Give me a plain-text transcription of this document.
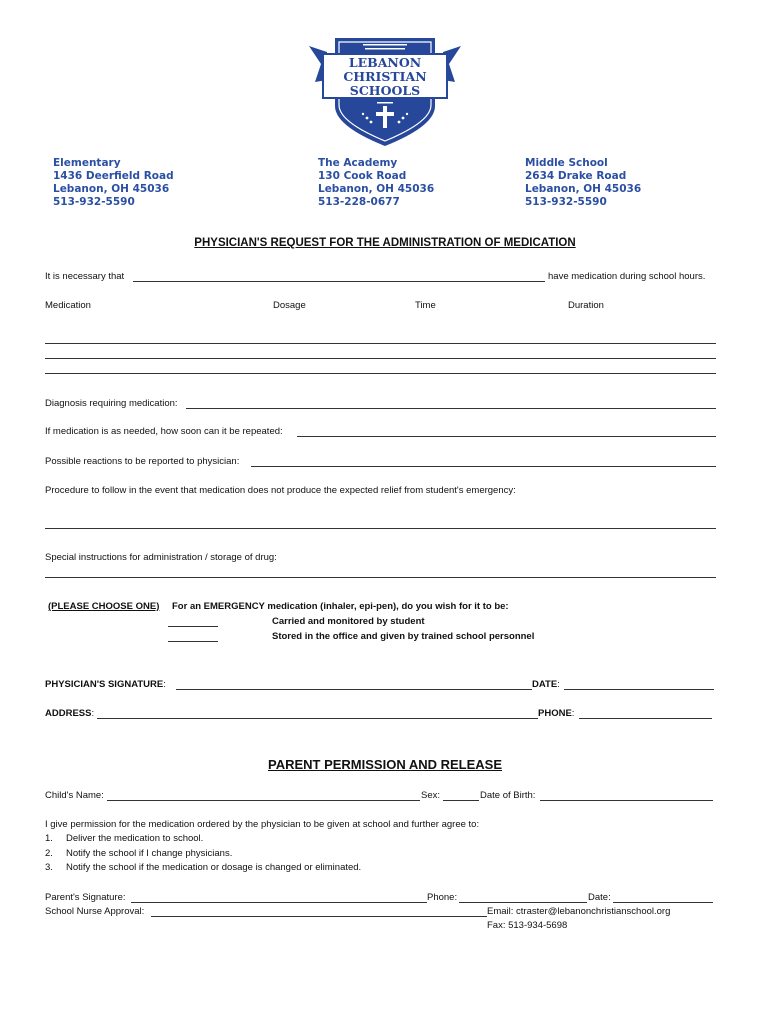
LEBANON
CHRISTIAN
SCHOOLS
Elementary
1436 Deerfield Road
Lebanon, OH 45036
513-932-5590
The Academy
130 Cook Road
Lebanon, OH 45036
513-228-0677
Middle School
2634 Drake Road
Lebanon, OH 45036
513-932-5590
PHYSICIAN'S REQUEST FOR THE ADMINISTRATION OF MEDICATION
It is necessary that	have medication during school hours.
Medication	Dosage	Time	Duration
Diagnosis requiring medication:
If medication is as needed, how soon can it be repeated:
Possible reactions to be reported to physician:
Procedure to follow in the event that medication does not produce the expected relief from student's emergency:
Special instructions for administration / storage of drug:
(PLEASE CHOOSE ONE) For an EMERGENCY medication (inhaler, epi-pen), do you wish for it to be:
Carried and monitored by student
Stored in the office and given by trained school personnel
PHYSICIAN'S SIGNATURE:	DATE:
ADDRESS:	PHONE:
PARENT PERMISSION AND RELEASE
Child's Name:	Sex:	Date of Birth:
I give permission for the medication ordered by the physician to be given at school and further agree to:
1. Deliver the medication to school.
2. Notify the school if I change physicians.
3. Notify the school if the medication or dosage is changed or eliminated.
Parent's Signature:	Phone:	Date:
School Nurse Approval:	Email: ctraster@lebanonchristianschool.org
Fax: 513-934-5698
